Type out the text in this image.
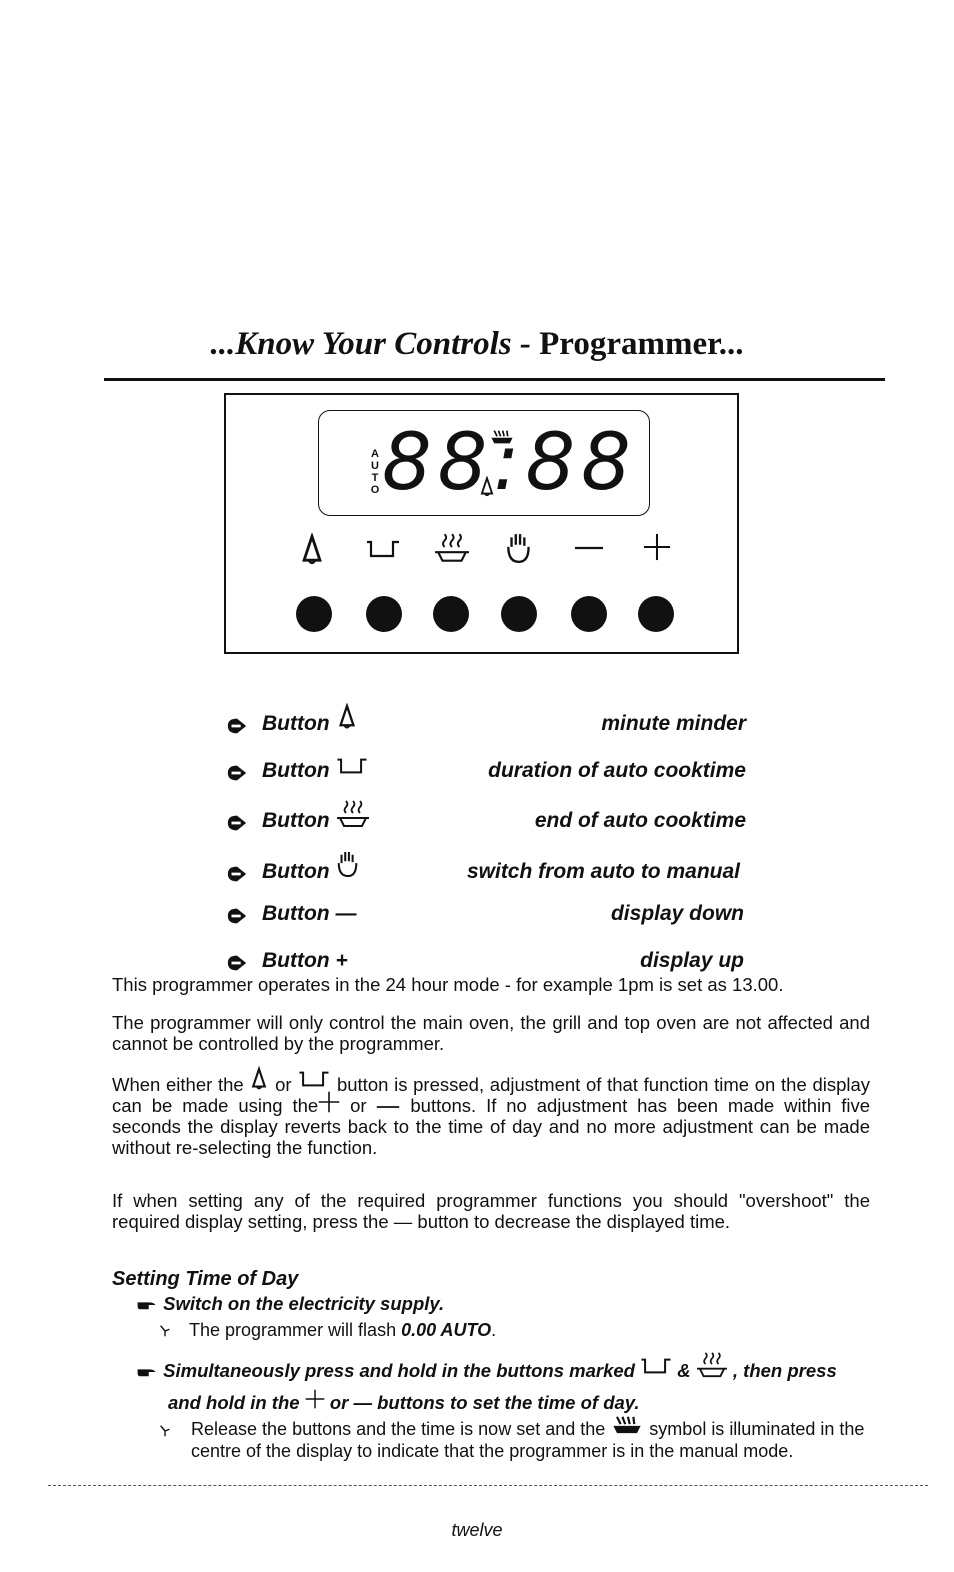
...Know Your Controls - Programmer...
AUTO 88:88
Button	minute minder
Button	duration of auto cooktime
Button	end of auto cooktime
Button	switch from auto to manual
Button —	display down
Button +	display up
This programmer operates in the 24 hour mode - for example 1pm is set as 13.00.
The programmer will only control the main oven, the grill and top oven are not affected and cannot be controlled by the programmer.
When either the or button is pressed, adjustment of that function time on the display can be made using the or buttons. If no adjustment has been made within five seconds the display reverts back to the time of day and no more adjustment can be made without re-selecting the function.
If when setting any of the required programmer functions you should "overshoot" the required display setting, press the — button to decrease the displayed time.
Setting Time of Day
Switch on the electricity supply.
The programmer will flash 0.00 AUTO.
Simultaneously press and hold in the buttons marked & , then press
and hold in the or — buttons to set the time of day.
Release the buttons and the time is now set and the symbol is illuminated in the centre of the display to indicate that the programmer is in the manual mode.
twelve
